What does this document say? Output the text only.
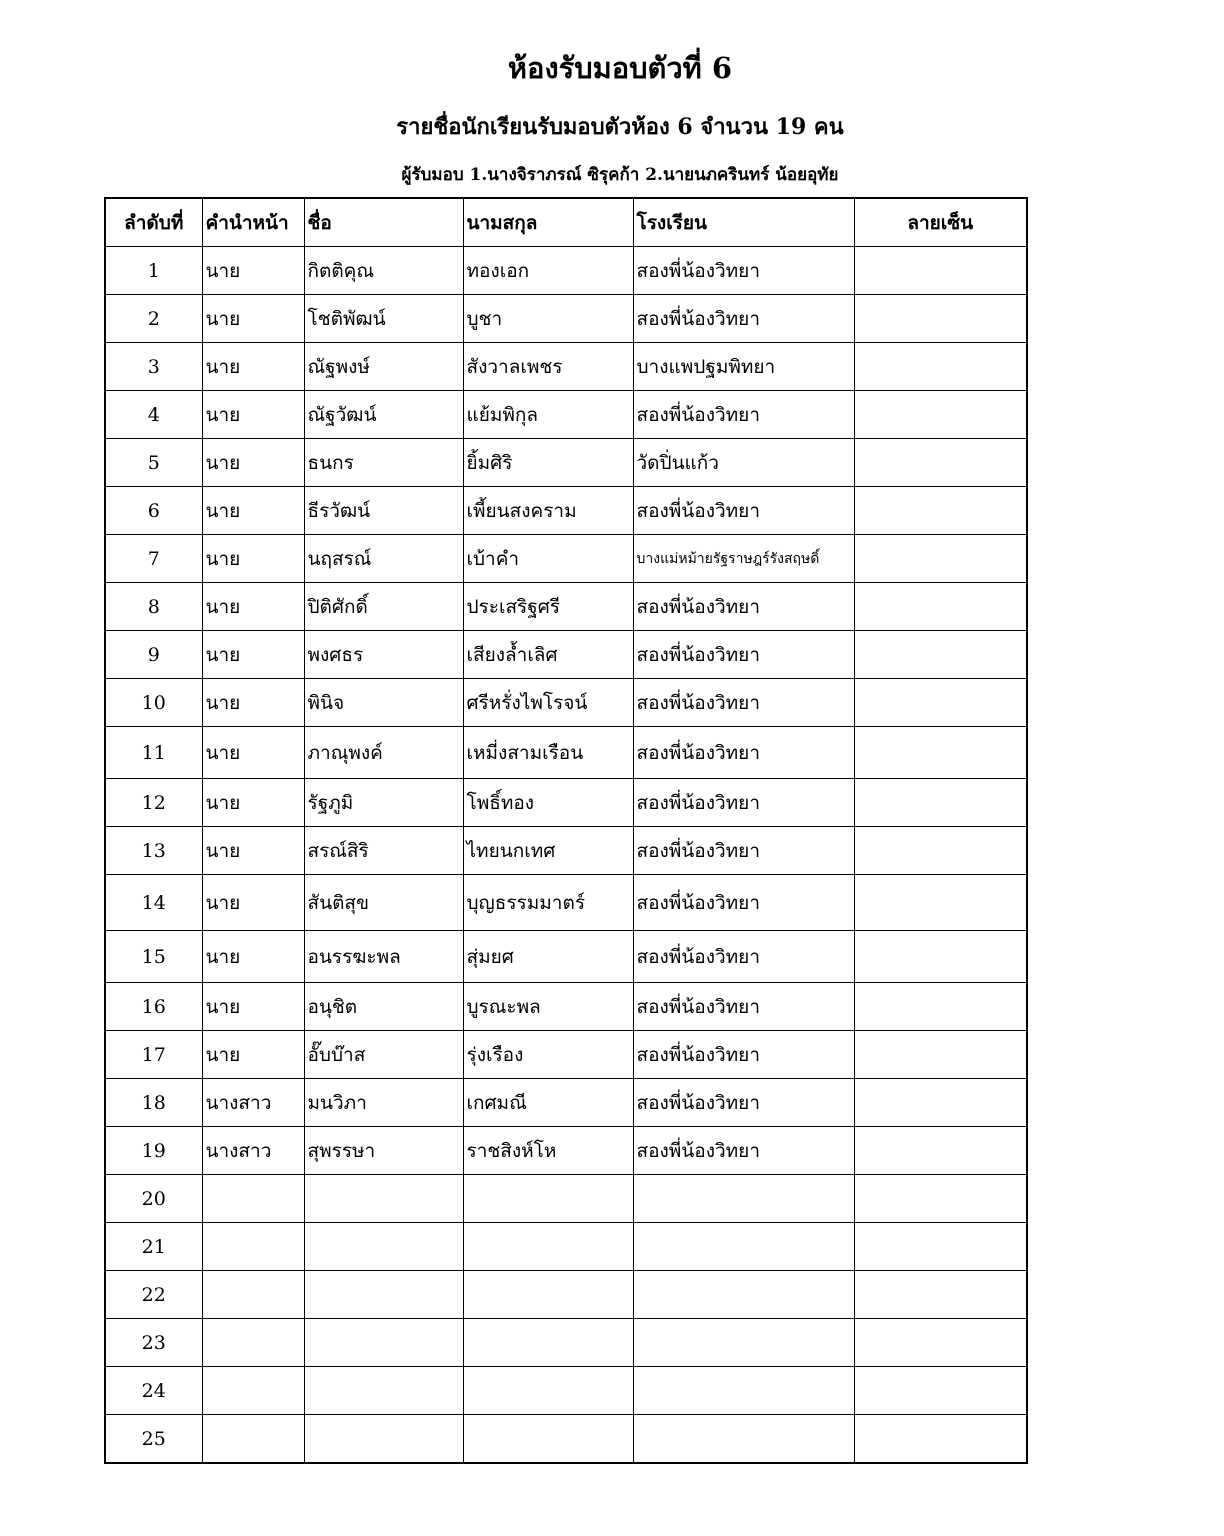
ห้องรับมอบตัวที่ 6
รายชื่อนักเรียนรับมอบตัวห้อง 6 จำนวน 19 คน
ผู้รับมอบ 1.นางจิราภรณ์ ซิรุคก้า 2.นายนภครินทร์ น้อยอุทัย
ลำดับที่	คำนำหน้า	ชื่อ	นามสกุล	โรงเรียน	ลายเซ็น
1	นาย	กิตติคุณ	ทองเอก	สองพี่น้องวิทยา	
2	นาย	โชติพัฒน์	บูชา	สองพี่น้องวิทยา	
3	นาย	ณัฐพงษ์	สังวาลเพชร	บางแพปฐมพิทยา	
4	นาย	ณัฐวัฒน์	แย้มพิกุล	สองพี่น้องวิทยา	
5	นาย	ธนกร	ยิ้มศิริ	วัดปิ่นแก้ว	
6	นาย	ธีรวัฒน์	เพี้ยนสงคราม	สองพี่น้องวิทยา	
7	นาย	นฤสรณ์	เบ้าคำ	บางแม่หม้ายรัฐราษฎร์รังสฤษดิ์	
8	นาย	ปิติศักดิ์	ประเสริฐศรี	สองพี่น้องวิทยา	
9	นาย	พงศธร	เสียงล้ำเลิศ	สองพี่น้องวิทยา	
10	นาย	พินิจ	ศรีหรั่งไพโรจน์	สองพี่น้องวิทยา	
11	นาย	ภาณุพงค์	เหมี่งสามเรือน	สองพี่น้องวิทยา	
12	นาย	รัฐภูมิ	โพธิ์ทอง	สองพี่น้องวิทยา	
13	นาย	สรณ์สิริ	ไทยนกเทศ	สองพี่น้องวิทยา	
14	นาย	สันติสุข	บุญธรรมมาตร์	สองพี่น้องวิทยา	
15	นาย	อนรรฆะพล	สุ่มยศ	สองพี่น้องวิทยา	
16	นาย	อนุชิต	บูรณะพล	สองพี่น้องวิทยา	
17	นาย	อั๊บบ๊าส	รุ่งเรือง	สองพี่น้องวิทยา	
18	นางสาว	มนวิภา	เกศมณี	สองพี่น้องวิทยา	
19	นางสาว	สุพรรษา	ราชสิงห์โห	สองพี่น้องวิทยา	
20					
21					
22					
23					
24					
25					
